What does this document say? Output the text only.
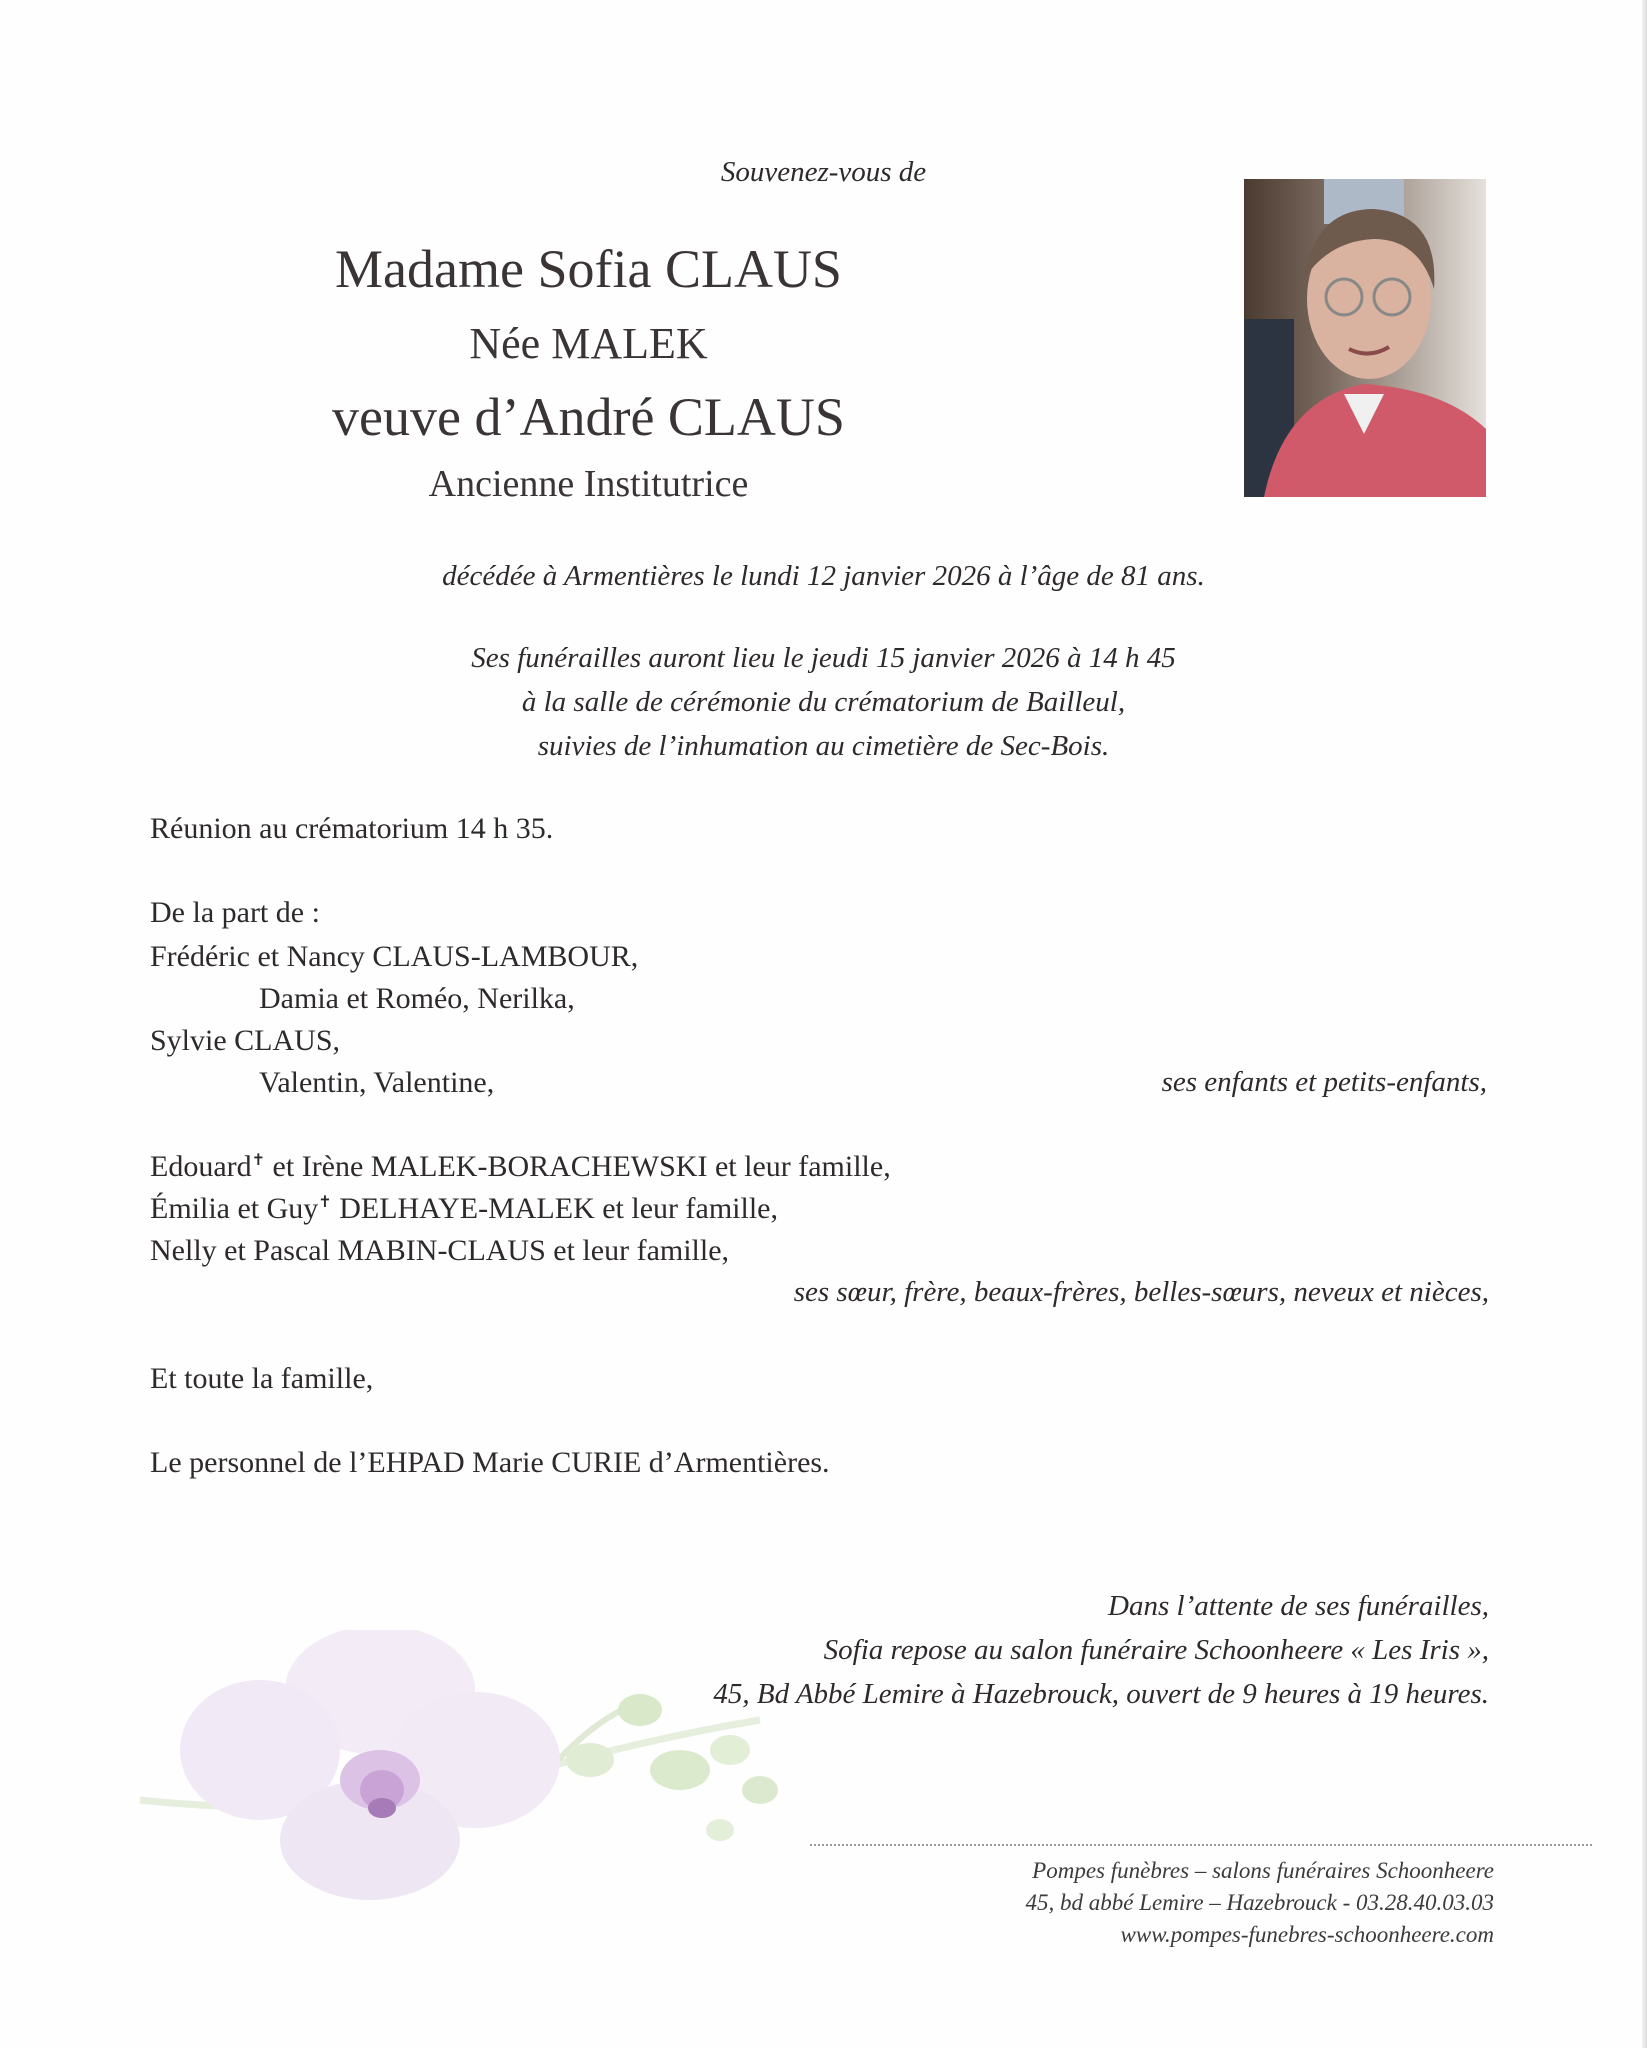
Souvenez-vous de
Madame Sofia CLAUS
Née MALEK
veuve d’André CLAUS
Ancienne Institutrice
décédée à Armentières le lundi 12 janvier 2026 à l’âge de 81 ans.
Ses funérailles auront lieu le jeudi 15 janvier 2026 à 14 h 45
à la salle de cérémonie du crématorium de Bailleul,
suivies de l’inhumation au cimetière de Sec-Bois.
Réunion au crématorium 14 h 35.
De la part de :
Frédéric et Nancy CLAUS-LAMBOUR,
Damia et Roméo, Nerilka,
Sylvie CLAUS,
Valentin, Valentine,	ses enfants et petits-enfants,
Edouard✝ et Irène MALEK-BORACHEWSKI et leur famille,
Émilia et Guy✝ DELHAYE-MALEK et leur famille,
Nelly et Pascal MABIN-CLAUS et leur famille,
ses sœur, frère, beaux-frères, belles-sœurs, neveux et nièces,
Et toute la famille,
Le personnel de l’EHPAD Marie CURIE d’Armentières.
Dans l’attente de ses funérailles,
Sofia repose au salon funéraire Schoonheere « Les Iris »,
45, Bd Abbé Lemire à Hazebrouck, ouvert de 9 heures à 19 heures.
Pompes funèbres – salons funéraires Schoonheere
45, bd abbé Lemire – Hazebrouck - 03.28.40.03.03
www.pompes-funebres-schoonheere.com
